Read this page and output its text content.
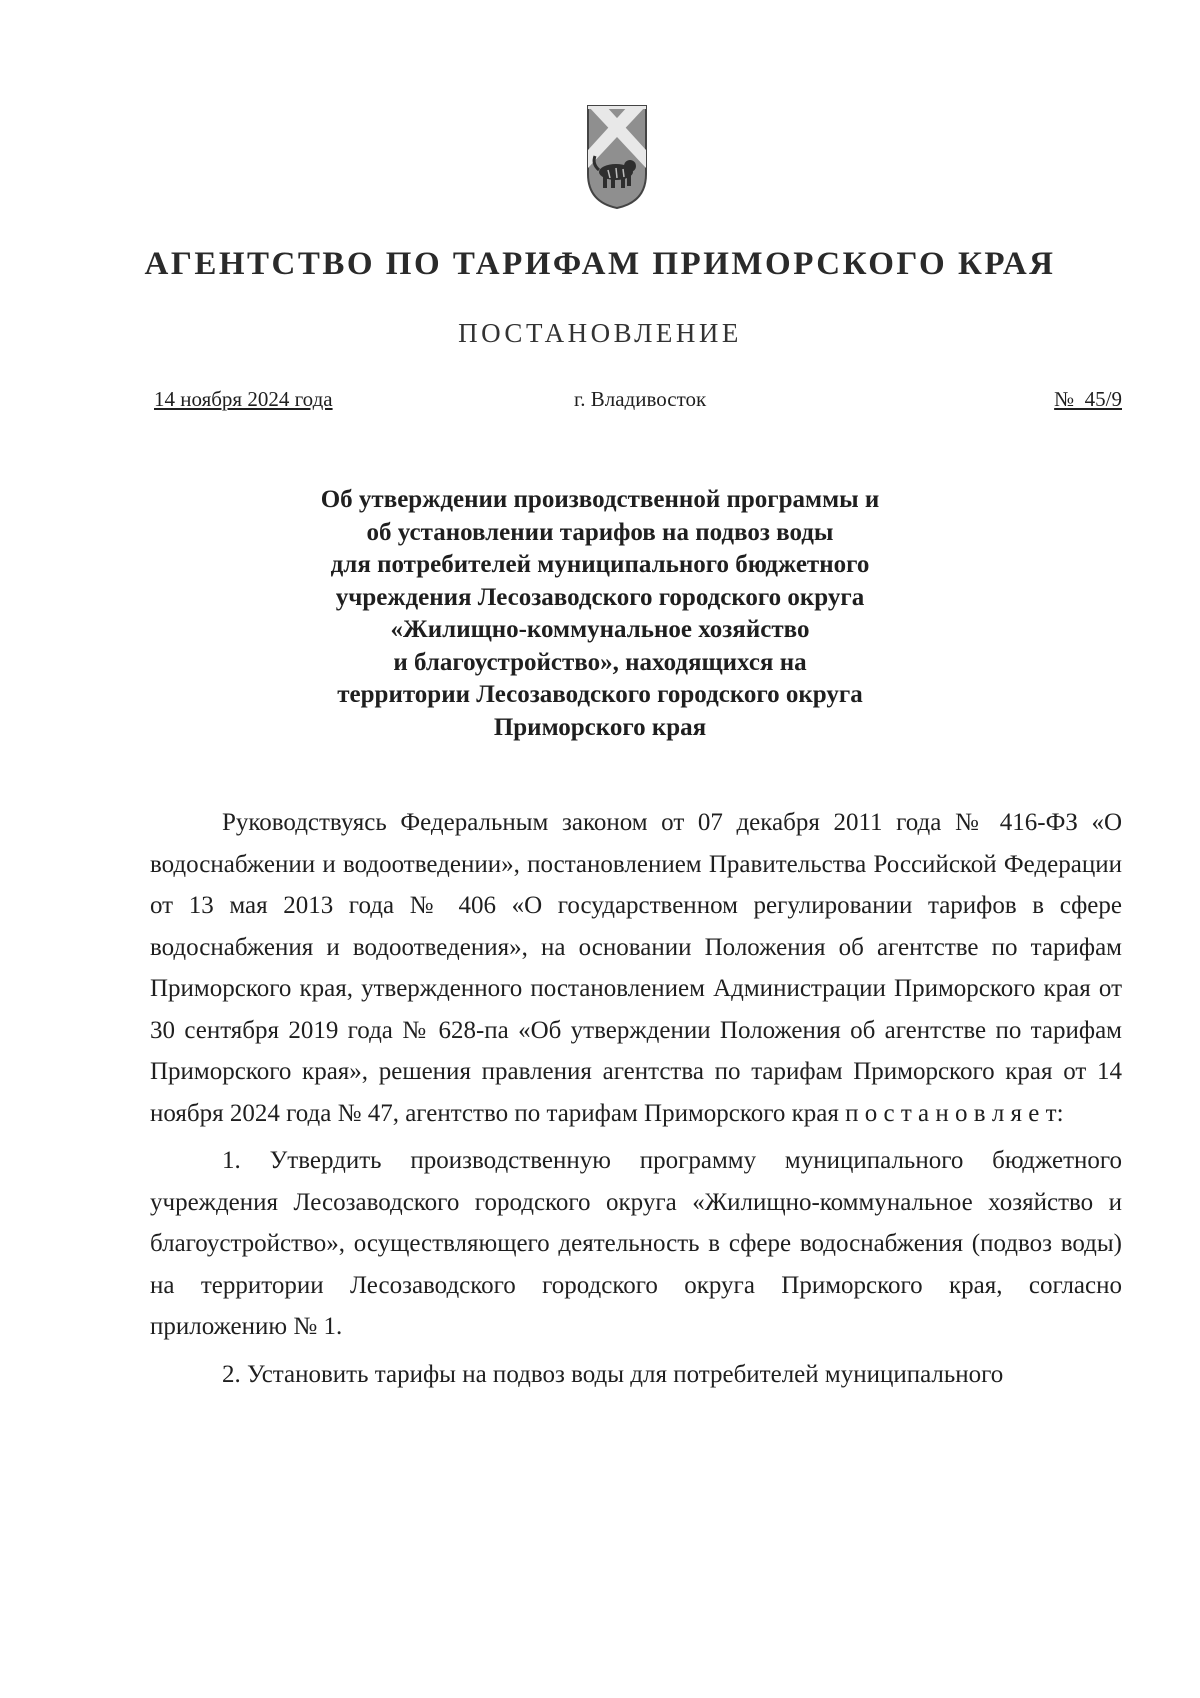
АГЕНТСТВО ПО ТАРИФАМ ПРИМОРСКОГО КРАЯ
ПОСТАНОВЛЕНИЕ
14 ноября 2024 года	г. Владивосток	№  45/9
Об утверждении производственной программы и
об установлении тарифов на подвоз воды
для потребителей муниципального бюджетного
учреждения Лесозаводского городского округа
«Жилищно-коммунальное хозяйство
и благоустройство», находящихся на
территории Лесозаводского городского округа
Приморского края

Руководствуясь Федеральным законом от 07 декабря 2011 года № 416-ФЗ «О водоснабжении и водоотведении», постановлением Правительства Российской Федерации от 13 мая 2013 года № 406 «О государственном регулировании тарифов в сфере водоснабжения и водоотведения», на основании Положения об агентстве по тарифам Приморского края, утвержденного постановлением Администрации Приморского края от 30 сентября 2019 года № 628-па «Об утверждении Положения об агентстве по тарифам Приморского края», решения правления агентства по тарифам Приморского края от 14 ноября 2024 года № 47, агентство по тарифам Приморского края п о с т а н о в л я е т:

1. Утвердить производственную программу муниципального бюджетного учреждения Лесозаводского городского округа «Жилищно-коммунальное хозяйство и благоустройство», осуществляющего деятельность в сфере водоснабжения (подвоз воды) на территории Лесозаводского городского округа Приморского края, согласно приложению № 1.

2. Установить тарифы на подвоз воды для потребителей муниципального
